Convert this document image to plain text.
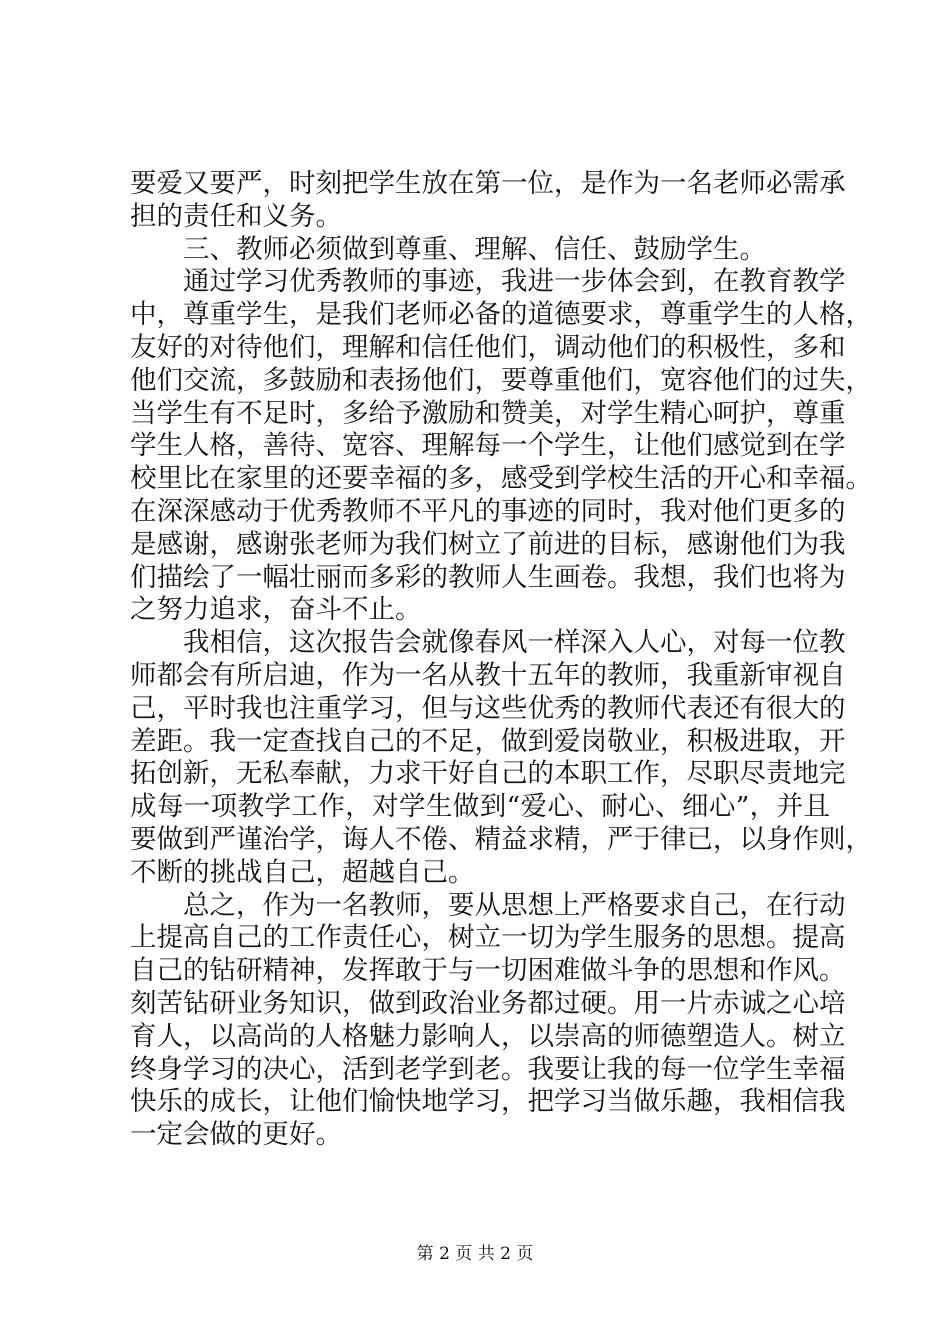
要爱又要严，时刻把学生放在第一位，是作为一名老师必需承
担的责任和义务。
三、教师必须做到尊重、理解、信任、鼓励学生。
通过学习优秀教师的事迹，我进一步体会到，在教育教学
中，尊重学生，是我们老师必备的道德要求，尊重学生的人格，
友好的对待他们，理解和信任他们，调动他们的积极性，多和
他们交流，多鼓励和表扬他们，要尊重他们，宽容他们的过失，
当学生有不足时，多给予激励和赞美，对学生精心呵护，尊重
学生人格，善待、宽容、理解每一个学生，让他们感觉到在学
校里比在家里的还要幸福的多，感受到学校生活的开心和幸福。
在深深感动于优秀教师不平凡的事迹的同时，我对他们更多的
是感谢，感谢张老师为我们树立了前进的目标，感谢他们为我
们描绘了一幅壮丽而多彩的教师人生画卷。我想，我们也将为
之努力追求，奋斗不止。
我相信，这次报告会就像春风一样深入人心，对每一位教
师都会有所启迪，作为一名从教十五年的教师，我重新审视自
己，平时我也注重学习，但与这些优秀的教师代表还有很大的
差距。我一定查找自己的不足，做到爱岗敬业，积极进取，开
拓创新，无私奉献，力求干好自己的本职工作，尽职尽责地完
成每一项教学工作，对学生做到“爱心、耐心、细心”，并且
要做到严谨治学，诲人不倦、精益求精，严于律已，以身作则，
不断的挑战自己，超越自己。
总之，作为一名教师，要从思想上严格要求自己，在行动
上提高自己的工作责任心，树立一切为学生服务的思想。提高
自己的钻研精神，发挥敢于与一切困难做斗争的思想和作风。
刻苦钻研业务知识，做到政治业务都过硬。用一片赤诚之心培
育人，以高尚的人格魅力影响人，以崇高的师德塑造人。树立
终身学习的决心，活到老学到老。我要让我的每一位学生幸福
快乐的成长，让他们愉快地学习，把学习当做乐趣，我相信我
一定会做的更好。
第 2 页 共 2 页
